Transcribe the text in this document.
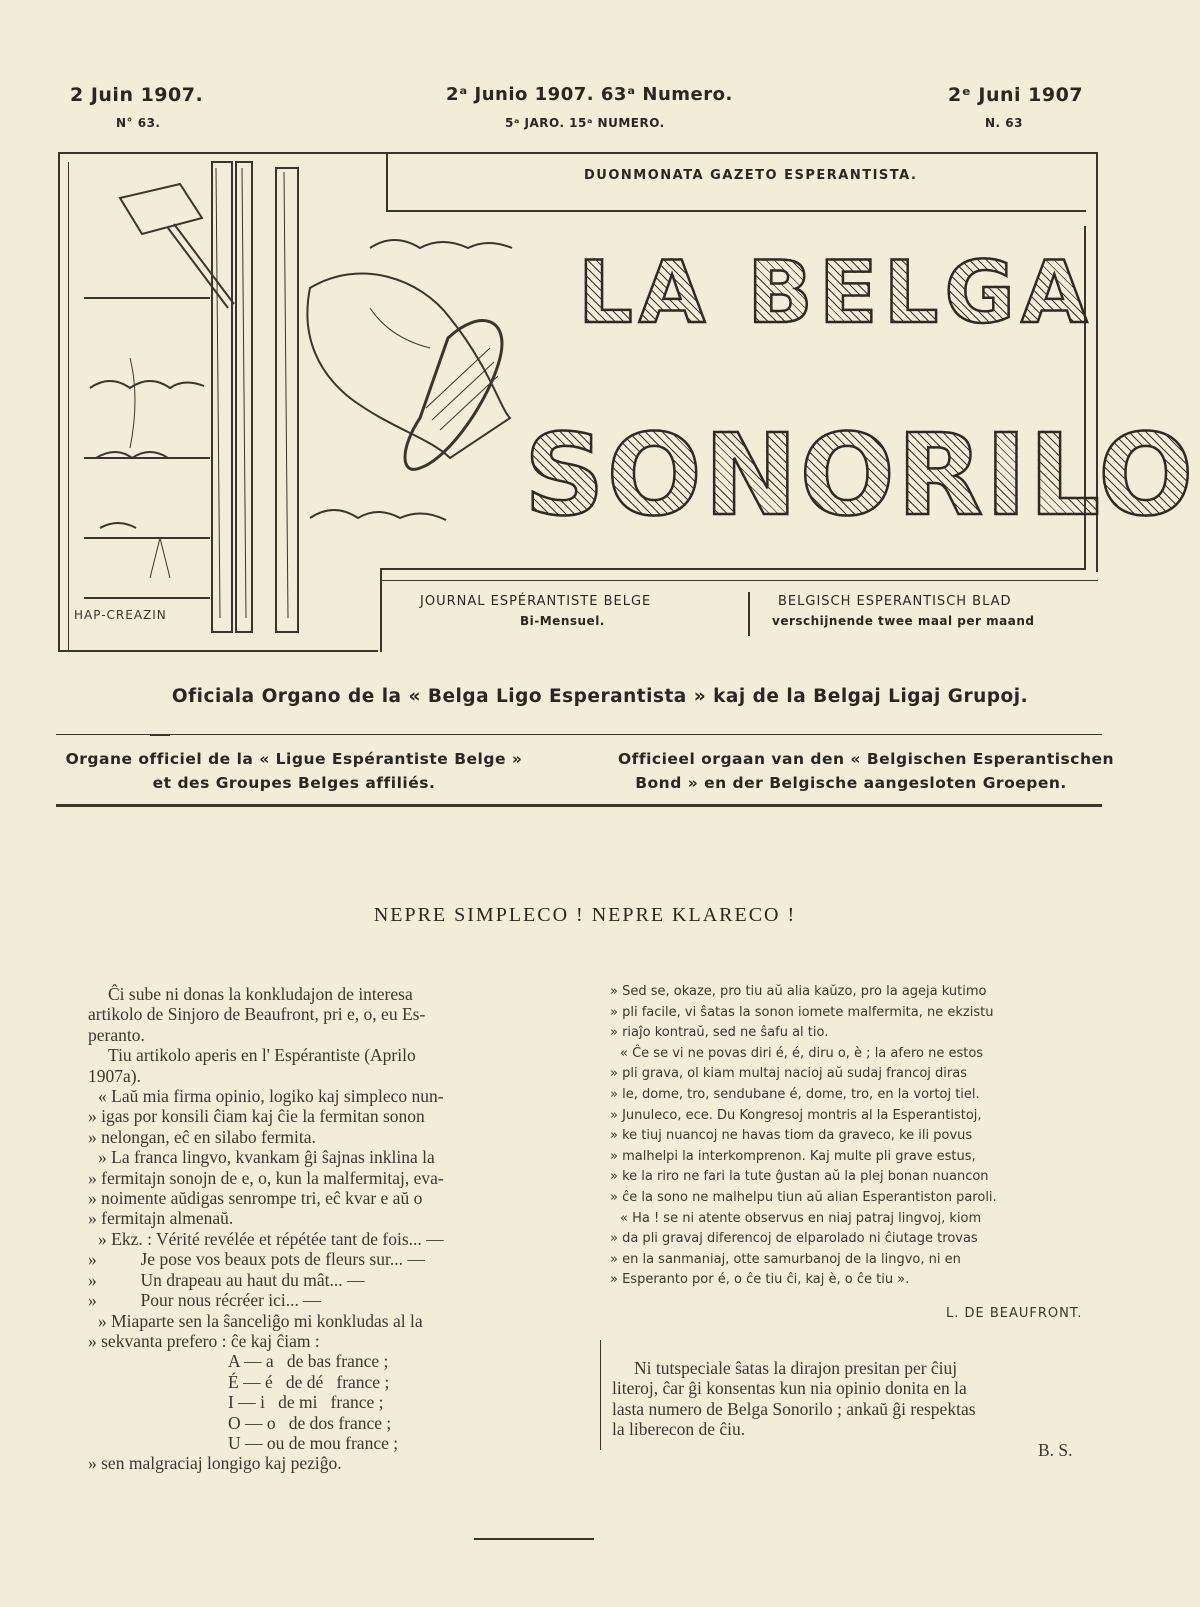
2 Juin 1907.
N° 63.
2ᵃ Junio 1907. 63ᵃ Numero.
5ᵃ JARO. 15ᵃ NUMERO.
2ᵉ Juni 1907
N. 63
HAP-CREAZIN
DUONMONATA GAZETO ESPERANTISTA.
LA BELGA
SONORILO
JOURNAL ESPÉRANTISTE BELGE
Bi-Mensuel.
BELGISCH ESPERANTISCH BLAD
verschijnende twee maal per maand
Oficiala Organo de la « Belga Ligo Esperantista » kaj de la Belgaj Ligaj Grupoj.
Organe officiel de la « Ligue Espérantiste Belge »
et des Groupes Belges affiliés.
Officieel orgaan van den « Belgischen Esperantischen
Bond » en der Belgische aangesloten Groepen.
NEPRE SIMPLECO ! NEPRE KLARECO !

Ĉi sube ni donas la konkludajon de interesa

artikolo de Sinjoro de Beaufront, pri e, o, eu Es-

peranto.

Tiu artikolo aperis en l' Espérantiste (Aprilo

1907a).

« Laŭ mia firma opinio, logiko kaj simpleco nun-

» igas por konsili ĉiam kaj ĉie la fermitan sonon

» nelongan, eĉ en silabo fermita.

» La franca lingvo, kvankam ĝi ŝajnas inklina la

» fermitajn sonojn de e, o, kun la malfermitaj, eva-

» noimente aŭdigas senrompe tri, eĉ kvar e aŭ o

» fermitajn almenaŭ.

» Ekz. : Vérité revélée et répétée tant de fois... —

»          Je pose vos beaux pots de fleurs sur... —

»          Un drapeau au haut du mât... —

»          Pour nous récréer ici... —

» Miaparte sen la ŝanceliĝo mi konkludas al la

» sekvanta prefero : ĉe kaj ĉiam :

A — a   de bas france ;

É — é   de dé   france ;

I — i   de mi   france ;

O — o   de dos france ;

U — ou de mou france ;

» sen malgraciaj longigo kaj peziĝo.

» Sed se, okaze, pro tiu aŭ alia kaŭzo, pro la ageja kutimo

» pli facile, vi ŝatas la sonon iomete malfermita, ne ekzistu

» riaĵo kontraŭ, sed ne ŝafu al tio.

« Ĉe se vi ne povas diri é, é, diru o, è ; la afero ne estos

» pli grava, ol kiam multaj nacioj aŭ sudaj francoj diras

» le, dome, tro, sendubane é, dome, tro, en la vortoj tiel.

» Junuleco, ece. Du Kongresoj montris al la Esperantistoj,

» ke tiuj nuancoj ne havas tiom da graveco, ke ili povus

» malhelpi la interkomprenon. Kaj multe pli grave estus,

» ke la riro ne fari la tute ĝustan aŭ la plej bonan nuancon

» ĉe la sono ne malhelpu tiun aŭ alian Esperantiston paroli.

« Ha ! se ni atente observus en niaj patraj lingvoj, kiom

» da pli gravaj diferencoj de elparolado ni ĉiutage trovas

» en la sanmaniaj, otte samurbanoj de la lingvo, ni en

» Esperanto por é, o ĉe tiu ĉi, kaj è, o ĉe tiu ».

L. DE BEAUFRONT.

Ni tutspeciale ŝatas la dirajon presitan per ĉiuj

literoj, ĉar ĝi konsentas kun nia opinio donita en la

lasta numero de Belga Sonorilo ; ankaŭ ĝi respektas

la liberecon de ĉiu.

B. S.
